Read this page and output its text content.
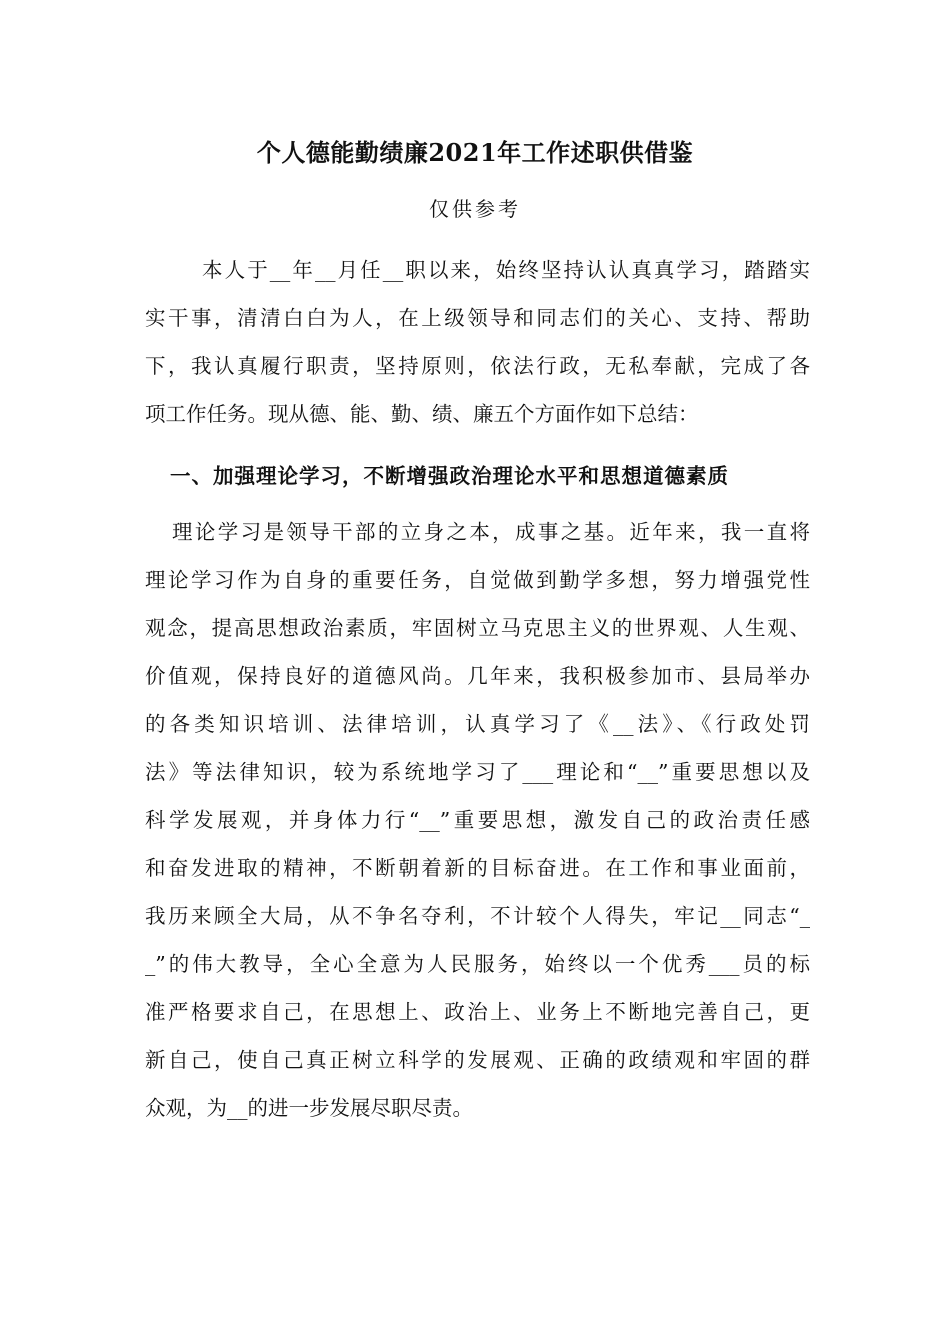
个人德能勤绩廉2021年工作述职供借鉴
仅供参考
本人于__年__月任__职以来，始终坚持认认真真学习，踏踏实
实干事，清清白白为人，在上级领导和同志们的关心、支持、帮助
下，我认真履行职责，坚持原则，依法行政，无私奉献，完成了各
项工作任务。现从德、能、勤、绩、廉五个方面作如下总结：
一、加强理论学习，不断增强政治理论水平和思想道德素质
理论学习是领导干部的立身之本，成事之基。近年来，我一直将
理论学习作为自身的重要任务，自觉做到勤学多想，努力增强党性
观念，提高思想政治素质，牢固树立马克思主义的世界观、人生观、
价值观，保持良好的道德风尚。几年来，我积极参加市、县局举办
的各类知识培训、法律培训，认真学习了《__法》、《行政处罚
法》等法律知识，较为系统地学习了___理论和“__”重要思想以及
科学发展观，并身体力行“__”重要思想，激发自己的政治责任感
和奋发进取的精神，不断朝着新的目标奋进。在工作和事业面前，
我历来顾全大局，从不争名夺利，不计较个人得失，牢记__同志“_
_”的伟大教导，全心全意为人民服务，始终以一个优秀___员的标
准严格要求自己，在思想上、政治上、业务上不断地完善自己，更
新自己，使自己真正树立科学的发展观、正确的政绩观和牢固的群
众观，为__的进一步发展尽职尽责。
